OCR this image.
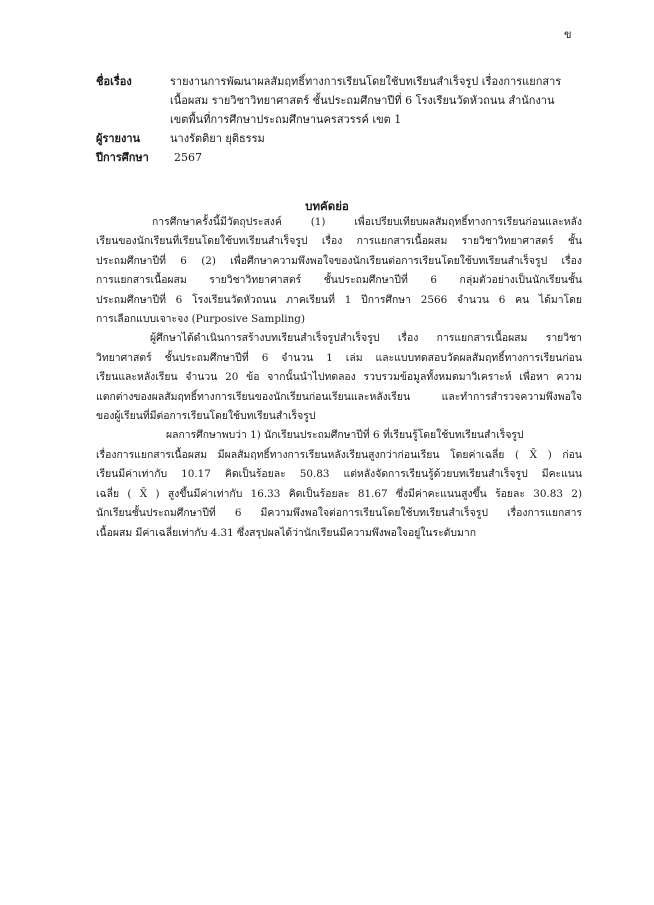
ข
ชื่อเรื่อง	รายงานการพัฒนาผลสัมฤทธิ์ทางการเรียนโดยใช้บทเรียนสำเร็จรูป เรื่องการแยกสาร
เนื้อผสม รายวิชาวิทยาศาสตร์ ชั้นประถมศึกษาปีที่ 6 โรงเรียนวัดหัวถนน สำนักงาน
เขตพื้นที่การศึกษาประถมศึกษานครสวรรค์ เขต 1
ผู้รายงาน	นางรัตติยา ยุติธรรม
ปีการศึกษา	2567
บทคัดย่อ
การศึกษาครั้งนี้มีวัตถุประสงค์ (1) เพื่อเปรียบเทียบผลสัมฤทธิ์ทางการเรียนก่อนและหลัง
เรียนของนักเรียนที่เรียนโดยใช้บทเรียนสำเร็จรูป เรื่อง การแยกสารเนื้อผสม รายวิชาวิทยาศาสตร์ ชั้น
ประถมศึกษาปีที่ 6 (2) เพื่อศึกษาความพึงพอใจของนักเรียนต่อการเรียนโดยใช้บทเรียนสำเร็จรูป เรื่อง
การแยกสารเนื้อผสม รายวิชาวิทยาศาสตร์ ชั้นประถมศึกษาปีที่ 6 กลุ่มตัวอย่างเป็นนักเรียนชั้น
ประถมศึกษาปีที่ 6 โรงเรียนวัดหัวถนน ภาคเรียนที่ 1 ปีการศึกษา 2566 จำนวน 6 คน ได้มาโดย
การเลือกแบบเจาะจง (Purposive Sampling)
ผู้ศึกษาได้ดำเนินการสร้างบทเรียนสำเร็จรูปสำเร็จรูป เรื่อง การแยกสารเนื้อผสม รายวิชา
วิทยาศาสตร์ ชั้นประถมศึกษาปีที่ 6 จำนวน 1 เล่ม และแบบทดสอบวัดผลสัมฤทธิ์ทางการเรียนก่อน
เรียนและหลังเรียน จำนวน 20 ข้อ จากนั้นนำไปทดลอง รวบรวมข้อมูลทั้งหมดมาวิเคราะห์ เพื่อหา ความ
แตกต่างของผลสัมฤทธิ์ทางการเรียนของนักเรียนก่อนเรียนและหลังเรียน และทำการสำรวจความพึงพอใจ
ของผู้เรียนที่มีต่อการเรียนโดยใช้บทเรียนสำเร็จรูป
ผลการศึกษาพบว่า 1) นักเรียนประถมศึกษาปีที่ 6 ที่เรียนรู้โดยใช้บทเรียนสำเร็จรูป
เรื่องการแยกสารเนื้อผสม มีผลสัมฤทธิ์ทางการเรียนหลังเรียนสูงกว่าก่อนเรียน โดยค่าเฉลี่ย ( X̄ ) ก่อน
เรียนมีค่าเท่ากับ 10.17 คิดเป็นร้อยละ 50.83 แต่หลังจัดการเรียนรู้ด้วยบทเรียนสำเร็จรูป มีคะแนน
เฉลี่ย ( X̄ ) สูงขึ้นมีค่าเท่ากับ 16.33 คิดเป็นร้อยละ 81.67 ซึ่งมีค่าคะแนนสูงขึ้น ร้อยละ 30.83 2)
นักเรียนชั้นประถมศึกษาปีที่ 6 มีความพึงพอใจต่อการเรียนโดยใช้บทเรียนสำเร็จรูป เรื่องการแยกสาร
เนื้อผสม มีค่าเฉลี่ยเท่ากับ 4.31 ซึ่งสรุปผลได้ว่านักเรียนมีความพึงพอใจอยู่ในระดับมาก
